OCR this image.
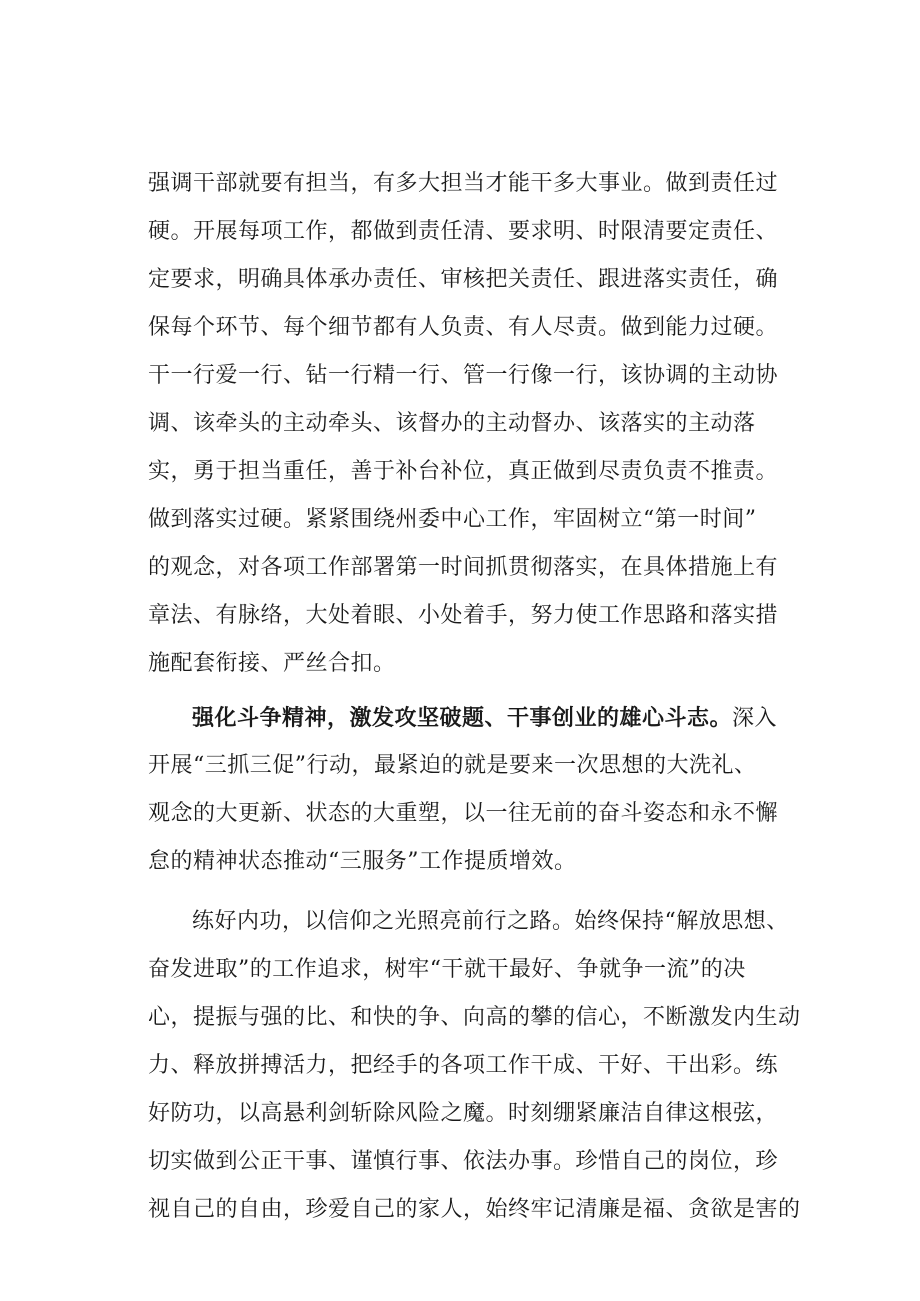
强调干部就要有担当，有多大担当才能干多大事业。做到责任过
硬。开展每项工作，都做到责任清、要求明、时限清要定责任、
定要求，明确具体承办责任、审核把关责任、跟进落实责任，确
保每个环节、每个细节都有人负责、有人尽责。做到能力过硬。
干一行爱一行、钻一行精一行、管一行像一行，该协调的主动协
调、该牵头的主动牵头、该督办的主动督办、该落实的主动落
实，勇于担当重任，善于补台补位，真正做到尽责负责不推责。
做到落实过硬。紧紧围绕州委中心工作，牢固树立“第一时间”
的观念，对各项工作部署第一时间抓贯彻落实，在具体措施上有
章法、有脉络，大处着眼、小处着手，努力使工作思路和落实措
施配套衔接、严丝合扣。
强化斗争精神，激发攻坚破题、干事创业的雄心斗志。深入
开展“三抓三促”行动，最紧迫的就是要来一次思想的大洗礼、
观念的大更新、状态的大重塑，以一往无前的奋斗姿态和永不懈
怠的精神状态推动“三服务”工作提质增效。
练好内功，以信仰之光照亮前行之路。始终保持“解放思想、
奋发进取”的工作追求，树牢“干就干最好、争就争一流”的决
心，提振与强的比、和快的争、向高的攀的信心，不断激发内生动
力、释放拼搏活力，把经手的各项工作干成、干好、干出彩。练
好防功，以高悬利剑斩除风险之魔。时刻绷紧廉洁自律这根弦，
切实做到公正干事、谨慎行事、依法办事。珍惜自己的岗位，珍
视自己的自由，珍爱自己的家人，始终牢记清廉是福、贪欲是害的
